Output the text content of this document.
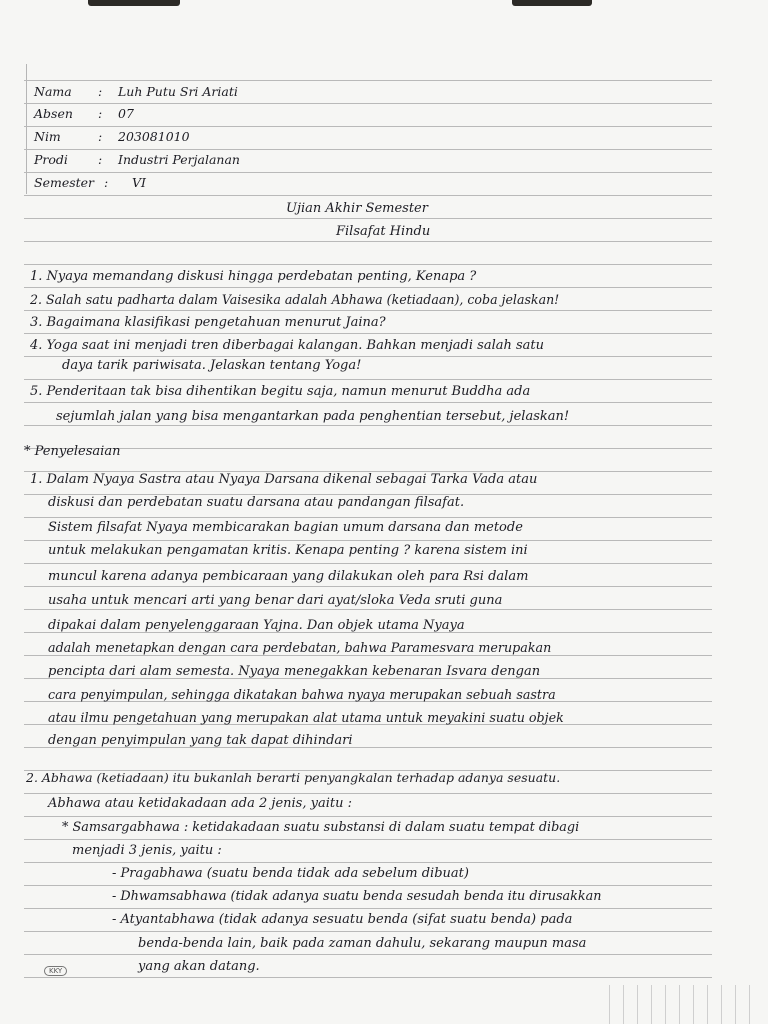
Nama : Luh Putu Sri Ariati
Absen : 07
Nim	: 203081010
Prodi : Industri Perjalanan
Semester : VI
Ujian Akhir Semester
Filsafat Hindu
1. Nyaya memandang diskusi hingga perdebatan penting, Kenapa ?
2. Salah satu padharta dalam Vaisesika adalah Abhawa (ketiadaan), coba jelaskan!
3. Bagaimana klasifikasi pengetahuan menurut Jaina?
4. Yoga saat ini menjadi tren diberbagai kalangan. Bahkan menjadi salah satu
daya tarik pariwisata. Jelaskan tentang Yoga!
5. Penderitaan tak bisa dihentikan begitu saja, namun menurut Buddha ada
sejumlah jalan yang bisa mengantarkan pada penghentian tersebut, jelaskan!
* Penyelesaian
1. Dalam Nyaya Sastra atau Nyaya Darsana dikenal sebagai Tarka Vada atau
diskusi dan perdebatan suatu darsana atau pandangan filsafat.
Sistem filsafat Nyaya membicarakan bagian umum darsana dan metode
untuk melakukan pengamatan kritis. Kenapa penting ? karena sistem ini
muncul karena adanya pembicaraan yang dilakukan oleh para Rsi dalam
usaha untuk mencari arti yang benar dari ayat/sloka Veda sruti guna
dipakai dalam penyelenggaraan Yajna. Dan objek utama Nyaya
adalah menetapkan dengan cara perdebatan, bahwa Paramesvara merupakan
pencipta dari alam semesta. Nyaya menegakkan kebenaran Isvara dengan
cara penyimpulan, sehingga dikatakan bahwa nyaya merupakan sebuah sastra
atau ilmu pengetahuan yang merupakan alat utama untuk meyakini suatu objek
dengan penyimpulan yang tak dapat dihindari
2. Abhawa (ketiadaan) itu bukanlah berarti penyangkalan terhadap adanya sesuatu.
Abhawa atau ketidakadaan ada 2 jenis, yaitu :
* Samsargabhawa : ketidakadaan suatu substansi di dalam suatu tempat dibagi
menjadi 3 jenis, yaitu :
- Pragabhawa (suatu benda tidak ada sebelum dibuat)
- Dhwamsabhawa (tidak adanya suatu benda sesudah benda itu dirusakkan
- Atyantabhawa (tidak adanya sesuatu benda (sifat suatu benda) pada
benda-benda lain, baik pada zaman dahulu, sekarang maupun masa
yang akan datang.
KKY
